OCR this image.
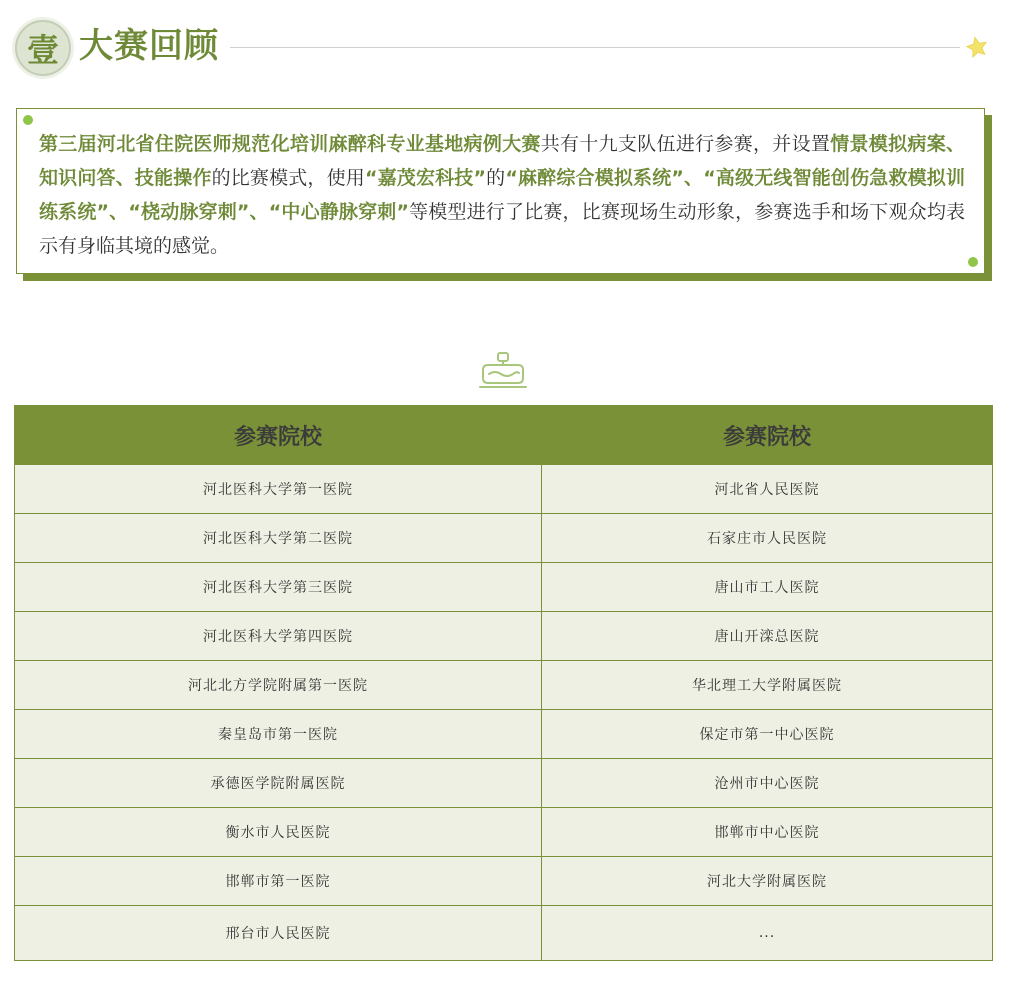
壹 大赛回顾

第三届河北省住院医师规范化培训麻醉科专业基地病例大赛共有十九支队伍进行参赛，并设置情景模拟病案、知识问答、技能操作的比赛模式，使用“嘉茂宏科技”的“麻醉综合模拟系统”、“高级无线智能创伤急救模拟训练系统”、“桡动脉穿刺”、“中心静脉穿刺”等模型进行了比赛，比赛现场生动形象，参赛选手和场下观众均表示有身临其境的感觉。

参赛院校	参赛院校
河北医科大学第一医院	河北省人民医院
河北医科大学第二医院	石家庄市人民医院
河北医科大学第三医院	唐山市工人医院
河北医科大学第四医院	唐山开滦总医院
河北北方学院附属第一医院	华北理工大学附属医院
秦皇岛市第一医院	保定市第一中心医院
承德医学院附属医院	沧州市中心医院
衡水市人民医院	邯郸市中心医院
邯郸市第一医院	河北大学附属医院
邢台市人民医院	...
